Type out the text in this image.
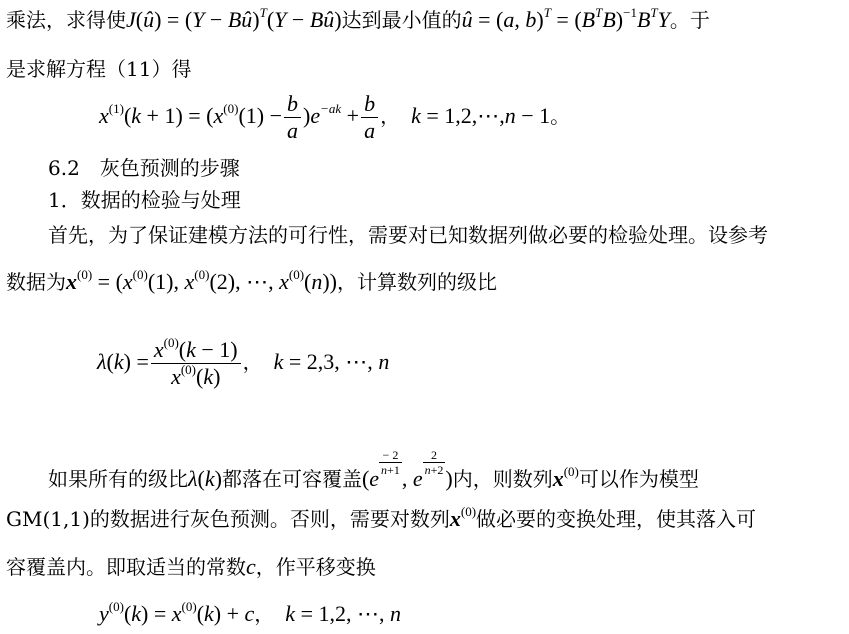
乘法，求得使J(û) = (Y − Bû)$^T$(Y − Bû)达到最小值的û = (a, $b)^T = (B^TB)^{-1}B^TY$。于
是求解方程（11）得
$x^{(1)}(k + 1) = (x^{(0)}(1) - \frac{b}{a} )e^{-ak} + \frac{b}{a}$ ， k = 1,2,⋯,n − 1。
6.2　灰色预测的步骤
1．数据的检验与处理
首先，为了保证建模方法的可行性，需要对已知数据列做必要的检验处理。设参考
数据为$x^{(0)} = (x^{(0)}(1)$, $x^{(0)}(2)$, ⋯, $x^{(0)}(n)$)，计算数列的级比
$\lambda(k) = \frac{x^{(0)}(k - 1)}{x^{(0)}(k)}$ ， k = 2,3, ⋯, n
如果所有的级比λ(k)都落在可容覆盖(e
$\frac{- 2}{n+1}$
, e
$\frac{2}{n+2}$
)内，则数列$x^{(0)}$可以作为模型
GM(1,1)的数据进行灰色预测。否则，需要对数列$x^{(0)}$做必要的变换处理，使其落入可
容覆盖内。即取适当的常数c，作平移变换
$y^{(0)}(k) = x^{(0)}(k) + c$， k = 1,2, ⋯, n
